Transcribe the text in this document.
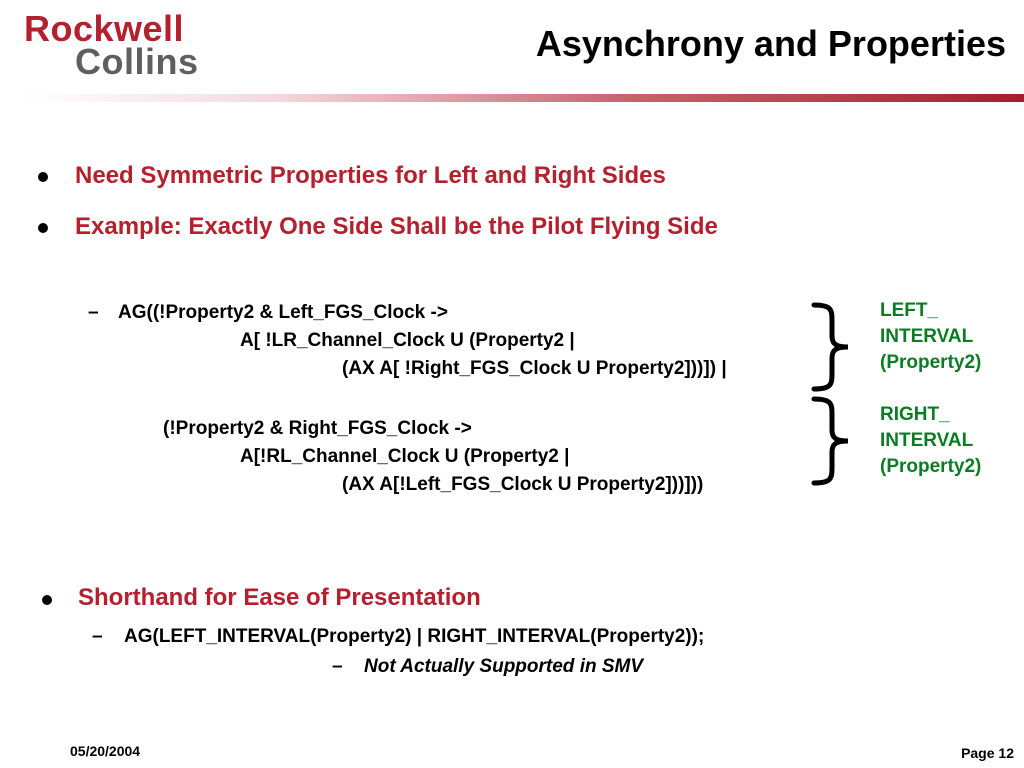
Rockwell
Collins	Asynchrony and Properties
Need Symmetric Properties for Left and Right Sides
Example: Exactly One Side Shall be the Pilot Flying Side
– AG((!Property2 & Left_FGS_Clock ->
A[ !LR_Channel_Clock U (Property2 |
(AX A[ !Right_FGS_Clock U Property2]))]) |
(!Property2 & Right_FGS_Clock ->
A[!RL_Channel_Clock U (Property2 |
(AX A[!Left_FGS_Clock U Property2]))]))
LEFT_
INTERVAL
(Property2)
RIGHT_
INTERVAL
(Property2)
Shorthand for Ease of Presentation
– AG(LEFT_INTERVAL(Property2) | RIGHT_INTERVAL(Property2));
– Not Actually Supported in SMV
05/20/2004	Page 12
